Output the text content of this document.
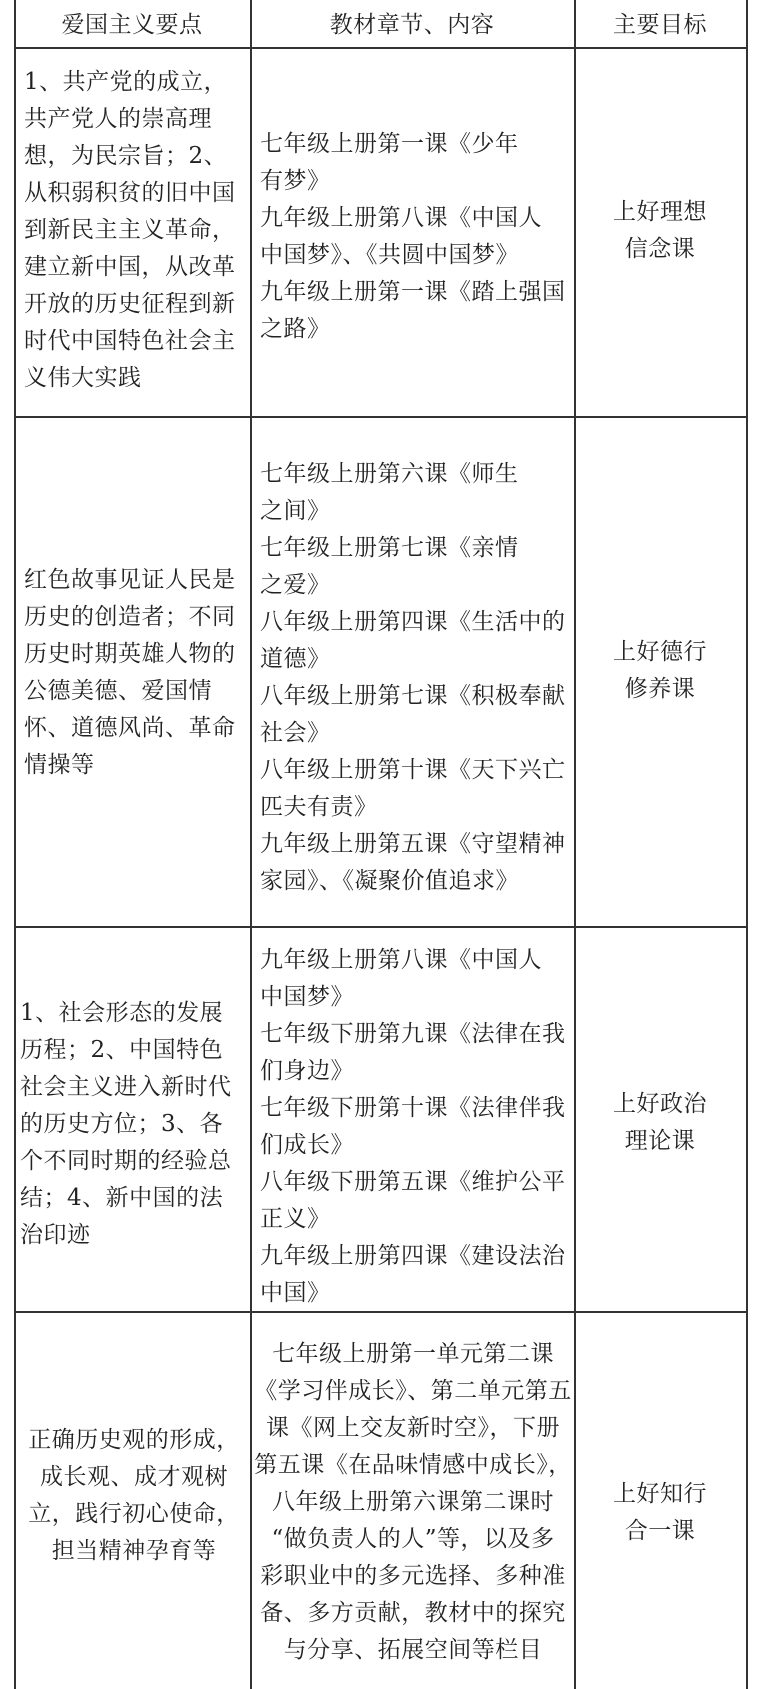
爱国主义要点	教材章节、内容	主要目标

1、共产党的成立，

共产党人的崇高理

想，为民宗旨；2、

从积弱积贫的旧中国

到新民主主义革命，

建立新中国，从改革

开放的历史征程到新

时代中国特色社会主

义伟大实践

七年级上册第一课《少年

有梦》

九年级上册第八课《中国人

中国梦》、《共圆中国梦》

九年级上册第一课《踏上强国

之路》

上好理想

信念课

红色故事见证人民是

历史的创造者；不同

历史时期英雄人物的

公德美德、爱国情

怀、道德风尚、革命

情操等

七年级上册第六课《师生

之间》

七年级上册第七课《亲情

之爱》

八年级上册第四课《生活中的

道德》

八年级上册第七课《积极奉献

社会》

八年级上册第十课《天下兴亡

匹夫有责》

九年级上册第五课《守望精神

家园》、《凝聚价值追求》

上好德行

修养课

1、社会形态的发展

历程；2、中国特色

社会主义进入新时代

的历史方位；3、各

个不同时期的经验总

结；4、新中国的法

治印迹

九年级上册第八课《中国人

中国梦》

七年级下册第九课《法律在我

们身边》

七年级下册第十课《法律伴我

们成长》

八年级下册第五课《维护公平

正义》

九年级上册第四课《建设法治

中国》

上好政治

理论课

正确历史观的形成，

成长观、成才观树

立，践行初心使命，

担当精神孕育等

七年级上册第一单元第二课

《学习伴成长》、第二单元第五

课《网上交友新时空》，下册

第五课《在品味情感中成长》，

八年级上册第六课第二课时

“做负责人的人”等，以及多

彩职业中的多元选择、多种准

备、多方贡献，教材中的探究

与分享、拓展空间等栏目

上好知行

合一课
